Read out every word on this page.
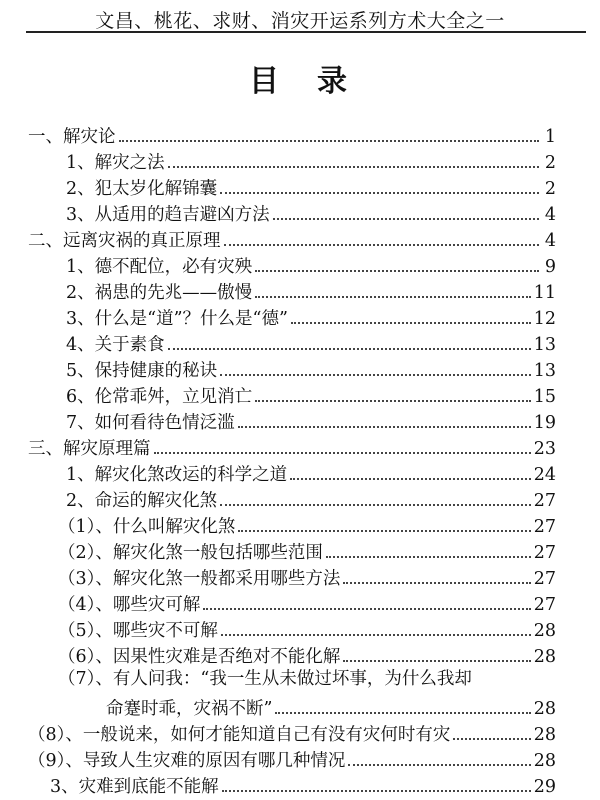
文昌、桃花、求财、消灾开运系列方术大全之一
目　录
一、解灾论	1
1、解灾之法	2
2、犯太岁化解锦囊	2
3、从适用的趋吉避凶方法	4
二、远离灾祸的真正原理	4
1、德不配位，必有灾殃	9
2、祸患的先兆——傲慢	11
3、什么是“道”？什么是“德”	12
4、关于素食	13
5、保持健康的秘诀	13
6、伦常乖舛，立见消亡	15
7、如何看待色情泛滥	19
三、解灾原理篇	23
1、解灾化煞改运的科学之道	24
2、命运的解灾化煞	27
（1）、什么叫解灾化煞	27
（2）、解灾化煞一般包括哪些范围	27
（3）、解灾化煞一般都采用哪些方法	27
（4）、哪些灾可解	27
（5）、哪些灾不可解	28
（6）、因果性灾难是否绝对不能化解	28
（7）、有人问我：“我一生从未做过坏事，为什么我却
命蹇时乖，灾祸不断”	28
（8）、一般说来，如何才能知道自己有没有灾何时有灾	28
（9）、导致人生灾难的原因有哪几种情况	28
3、灾难到底能不能解	29
